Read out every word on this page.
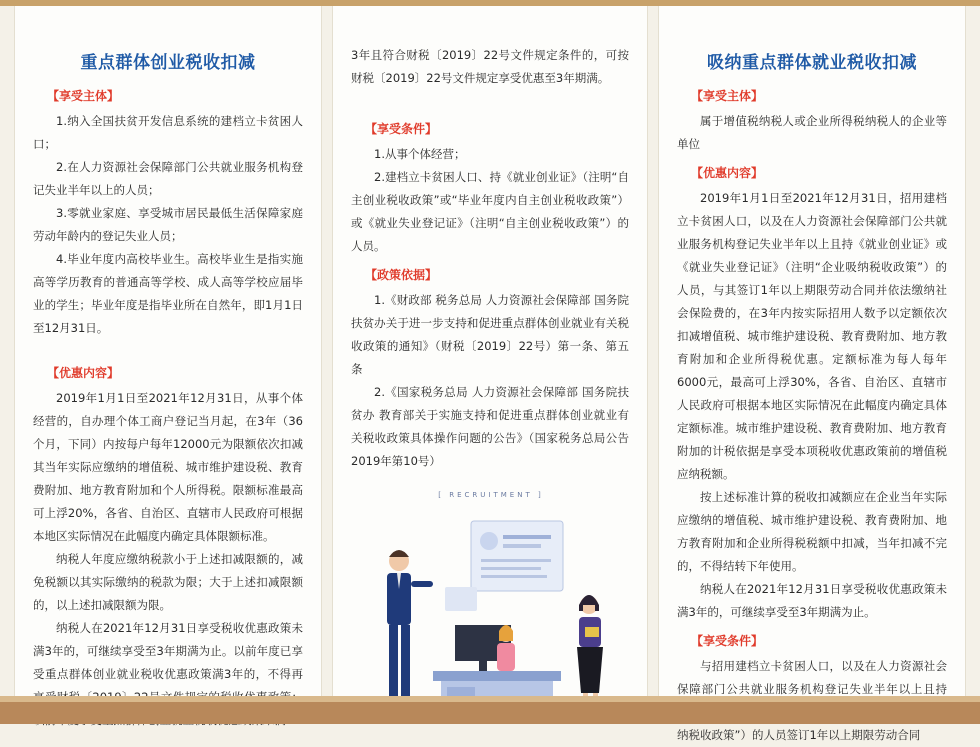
重点群体创业税收扣减
【享受主体】

1.纳入全国扶贫开发信息系统的建档立卡贫困人口；

2.在人力资源社会保障部门公共就业服务机构登记失业半年以上的人员；

3.零就业家庭、享受城市居民最低生活保障家庭劳动年龄内的登记失业人员；

4.毕业年度内高校毕业生。高校毕业生是指实施高等学历教育的普通高等学校、成人高等学校应届毕业的学生；毕业年度是指毕业所在自然年，即1月1日至12月31日。

【优惠内容】

2019年1月1日至2021年12月31日，从事个体经营的，自办理个体工商户登记当月起，在3年（36个月，下同）内按每户每年12000元为限额依次扣减其当年实际应缴纳的增值税、城市维护建设税、教育费附加、地方教育附加和个人所得税。限额标准最高可上浮20%，各省、自治区、直辖市人民政府可根据本地区实际情况在此幅度内确定具体限额标准。

纳税人年度应缴纳税款小于上述扣减限额的，减免税额以其实际缴纳的税款为限；大于上述扣减限额的，以上述扣减限额为限。

纳税人在2021年12月31日享受税收优惠政策未满3年的，可继续享受至3年期满为止。以前年度已享受重点群体创业就业税收优惠政策满3年的，不得再

3年且符合财税〔2019〕22号文件规定条件的，可按财税〔2019〕22号文件规定享受优惠至3年期满。

【享受条件】

1.从事个体经营；

2.建档立卡贫困人口、持《就业创业证》（注明“自主创业税收政策”或“毕业年度内自主创业税收政策”）或《就业失业登记证》（注明“自主创业税收政策”）的人员。

【政策依据】

1.《财政部 税务总局 人力资源社会保障部 国务院扶贫办关于进一步支持和促进重点群体创业就业有关税收政策的通知》（财税〔2019〕22号）第一条、第五条

2.《国家税务总局 人力资源社会保障部 国务院扶贫办 教育部关于实施支持和促进重点群体创业就业有关税收政策具体操作问题的公告》（国家税务总局公告2019年第10号）

[ RECRUITMENT ]
吸纳重点群体就业税收扣减
【享受主体】

属于增值税纳税人或企业所得税纳税人的企业等单位

【优惠内容】

2019年1月1日至2021年12月31日，招用建档立卡贫困人口，以及在人力资源社会保障部门公共就业服务机构登记失业半年以上且持《就业创业证》或《就业失业登记证》（注明“企业吸纳税收政策”）的人员，与其签订1年以上期限劳动合同并依法缴纳社会保险费的，在3年内按实际招用人数予以定额依次扣减增值税、城市维护建设税、教育费附加、地方教育附加和企业所得税优惠。定额标准为每人每年6000元，最高可上浮30%，各省、自治区、直辖市人民政府可根据本地区实际情况在此幅度内确定具体定额标准。城市维护建设税、教育费附加、地方教育附加的计税依据是享受本项税收优惠政策前的增值税应纳税额。

按上述标准计算的税收扣减额应在企业当年实际应缴纳的增值税、城市维护建设税、教育费附加、地方教育附加和企业所得税税额中扣减，当年扣减不完的，不得结转下年使用。

纳税人在2021年12月31日享受税收优惠政策未满3年的，可继续享受至3年期满为止。

【享受条件】

与招用建档立卡贫困人口，以及在人力资源社会保障部门公共就业服务机构登记失业半年以上且持 纳税收政策”）的人员签订1年以上期限劳动合同
